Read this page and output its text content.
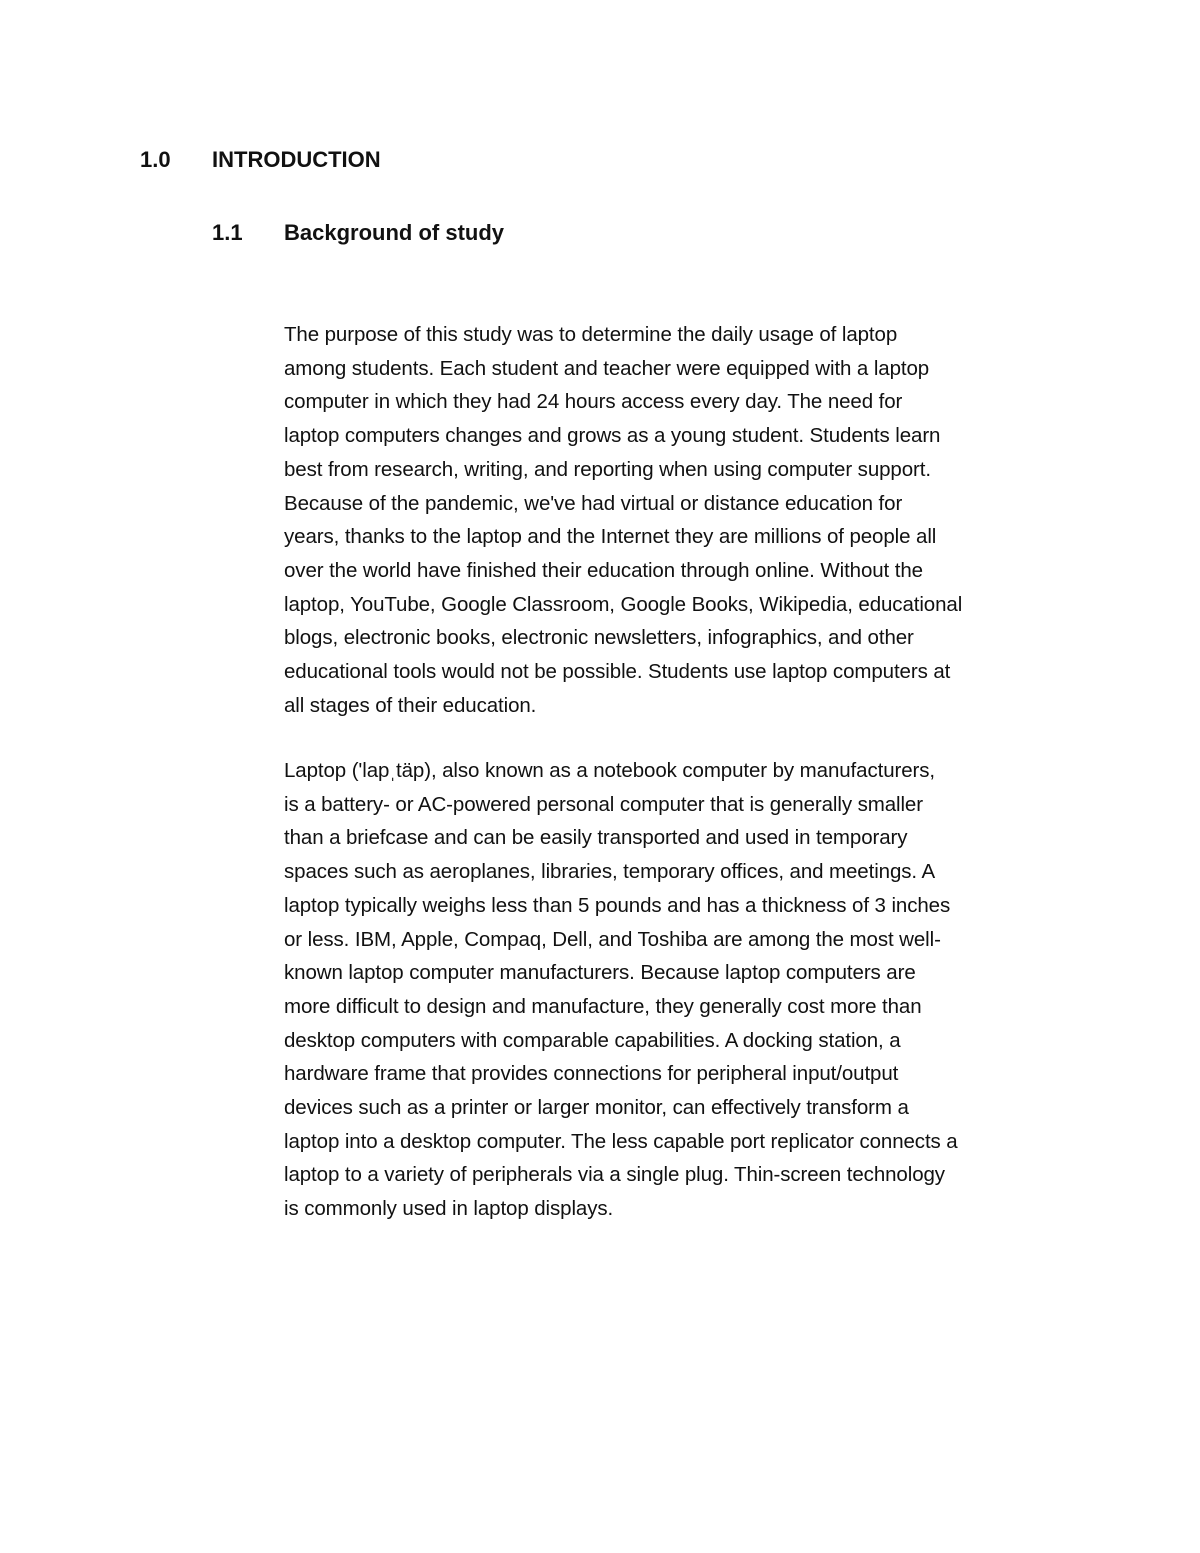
1.0 INTRODUCTION
1.1 Background of study

The purpose of this study was to determine the daily usage of laptop
among students. Each student and teacher were equipped with a laptop
computer in which they had 24 hours access every day. The need for
laptop computers changes and grows as a young student. Students learn
best from research, writing, and reporting when using computer support.
Because of the pandemic, we've had virtual or distance education for
years, thanks to the laptop and the Internet they are millions of people all
over the world have finished their education through online. Without the
laptop, YouTube, Google Classroom, Google Books, Wikipedia, educational
blogs, electronic books, electronic newsletters, infographics, and other
educational tools would not be possible. Students use laptop computers at
all stages of their education.

Laptop ('lapˌtäp), also known as a notebook computer by manufacturers,
is a battery- or AC-powered personal computer that is generally smaller
than a briefcase and can be easily transported and used in temporary
spaces such as aeroplanes, libraries, temporary offices, and meetings. A
laptop typically weighs less than 5 pounds and has a thickness of 3 inches
or less. IBM, Apple, Compaq, Dell, and Toshiba are among the most well-
known laptop computer manufacturers. Because laptop computers are
more difficult to design and manufacture, they generally cost more than
desktop computers with comparable capabilities. A docking station, a
hardware frame that provides connections for peripheral input/output
devices such as a printer or larger monitor, can effectively transform a
laptop into a desktop computer. The less capable port replicator connects a
laptop to a variety of peripherals via a single plug. Thin-screen technology
is commonly used in laptop displays.
